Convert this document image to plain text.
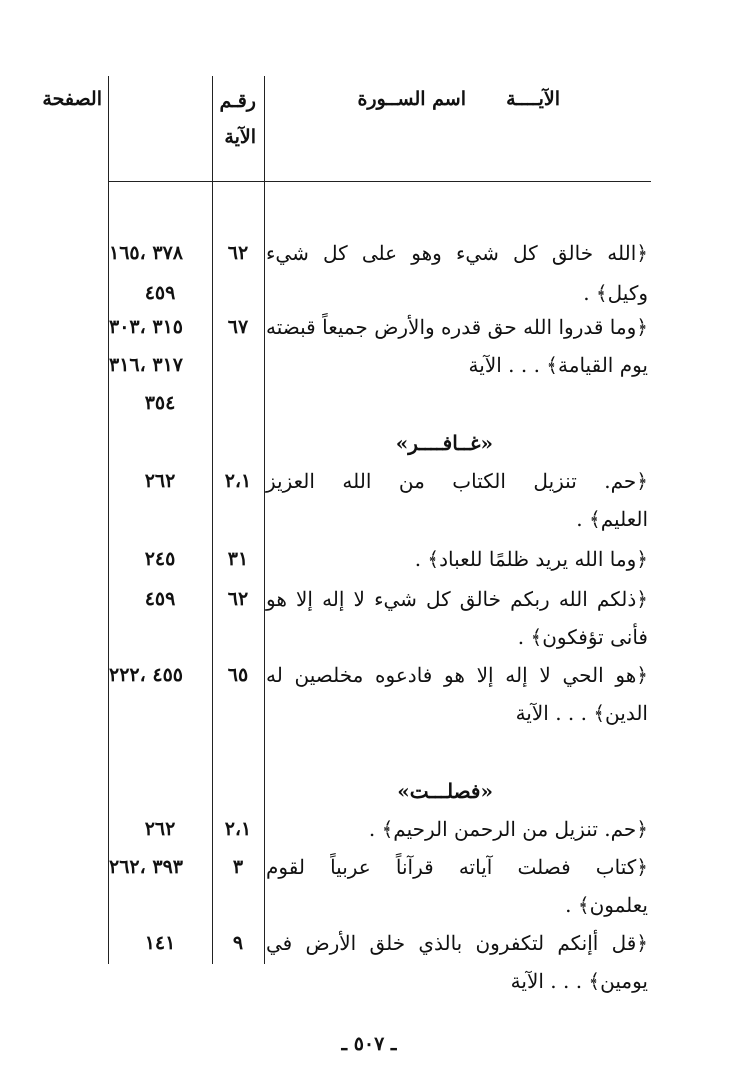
الآيــــة
اسم الســورة
رقـم
الآية
الصفحة
﴿الله خالق كل شيء وهو على كل شيء
وكيل﴾ .
٦٢
٣٧٨ ،١٦٥
٤٥٩
﴿وما قدروا الله حق قدره والأرض جميعاً قبضته
يوم القيامة﴾ . . . الآية
٦٧
٣١٥ ،٣٠٣
٣١٧ ،٣١٦
٣٥٤
«غــافــــر»
﴿حم. تنزيل الكتاب من الله العزيز
العليم﴾ .
٢،١
٢٦٢
﴿وما الله يريد ظلمًا للعباد﴾ .
٣١
٢٤٥
﴿ذلكم الله ربكم خالق كل شيء لا إله إلا هو
فأنى تؤفكون﴾ .
٦٢
٤٥٩
﴿هو الحي لا إله إلا هو فادعوه مخلصين له
الدين﴾ . . . الآية
٦٥
٤٥٥ ،٢٢٢
«فصلـــت»
﴿حم. تنزيل من الرحمن الرحيم﴾ .
٢،١
٢٦٢
﴿كتاب فصلت آياته قرآناً عربياً لقوم
يعلمون﴾ .
٣
٣٩٣ ،٢٦٢
﴿قل أإنكم لتكفرون بالذي خلق الأرض في
يومين﴾ . . . الآية
٩
١٤١
ـ ٥٠٧ ـ
